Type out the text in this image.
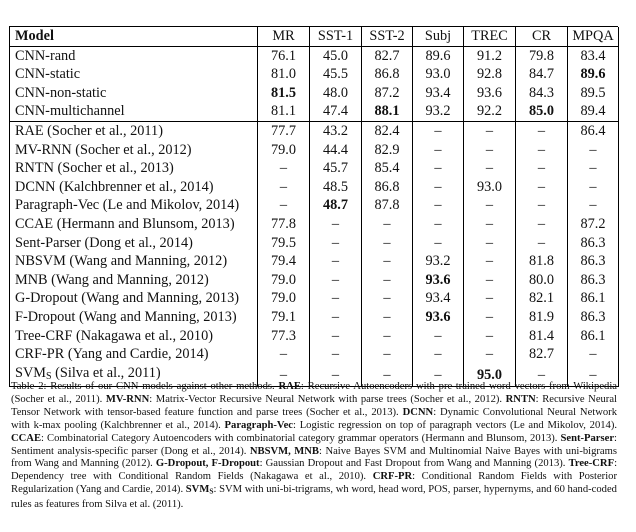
Model	MR	SST-1	SST-2	Subj	TREC	CR	MPQA
CNN-rand	76.1	45.0	82.7	89.6	91.2	79.8	83.4
CNN-static	81.0	45.5	86.8	93.0	92.8	84.7	89.6
CNN-non-static	81.5	48.0	87.2	93.4	93.6	84.3	89.5
CNN-multichannel	81.1	47.4	88.1	93.2	92.2	85.0	89.4
RAE (Socher et al., 2011)	77.7	43.2	82.4	–	–	–	86.4
MV-RNN (Socher et al., 2012)	79.0	44.4	82.9	–	–	–	–
RNTN (Socher et al., 2013)	–	45.7	85.4	–	–	–	–
DCNN (Kalchbrenner et al., 2014)	–	48.5	86.8	–	93.0	–	–
Paragraph-Vec (Le and Mikolov, 2014)	–	48.7	87.8	–	–	–	–
CCAE (Hermann and Blunsom, 2013)	77.8	–	–	–	–	–	87.2
Sent-Parser (Dong et al., 2014)	79.5	–	–	–	–	–	86.3
NBSVM (Wang and Manning, 2012)	79.4	–	–	93.2	–	81.8	86.3
MNB (Wang and Manning, 2012)	79.0	–	–	93.6	–	80.0	86.3
G-Dropout (Wang and Manning, 2013)	79.0	–	–	93.4	–	82.1	86.1
F-Dropout (Wang and Manning, 2013)	79.1	–	–	93.6	–	81.9	86.3
Tree-CRF (Nakagawa et al., 2010)	77.3	–	–	–	–	81.4	86.1
CRF-PR (Yang and Cardie, 2014)	–	–	–	–	–	82.7	–
$SVM_S$ (Silva et al., 2011)	–	–	–	–	95.0	–	–
Table 2: Results of our CNN models against other methods. RAE: Recursive Autoencoders with pre-trained word vectors from Wikipedia (Socher et al., 2011). MV-RNN: Matrix-Vector Recursive Neural Network with parse trees (Socher et al., 2012). RNTN: Recursive Neural Tensor Network with tensor-based feature function and parse trees (Socher et al., 2013). DCNN: Dynamic Convolutional Neural Network with k-max pooling (Kalchbrenner et al., 2014). Paragraph-Vec: Logistic regression on top of paragraph vectors (Le and Mikolov, 2014). CCAE: Combinatorial Category Autoencoders with combinatorial category grammar operators (Hermann and Blunsom, 2013). Sent-Parser: Sentiment analysis-specific parser (Dong et al., 2014). NBSVM, MNB: Naive Bayes SVM and Multinomial Naive Bayes with uni-bigrams from Wang and Manning (2012). G-Dropout, F-Dropout: Gaussian Dropout and Fast Dropout from Wang and Manning (2013). Tree-CRF: Dependency tree with Conditional Random Fields (Nakagawa et al., 2010). CRF-PR: Conditional Random Fields with Posterior Regularization (Yang and Cardie, 2014). $SVM_S$: SVM with uni-bi-trigrams, wh word, head word, POS, parser, hypernyms, and 60 hand-coded rules as features from Silva et al. (2011).
